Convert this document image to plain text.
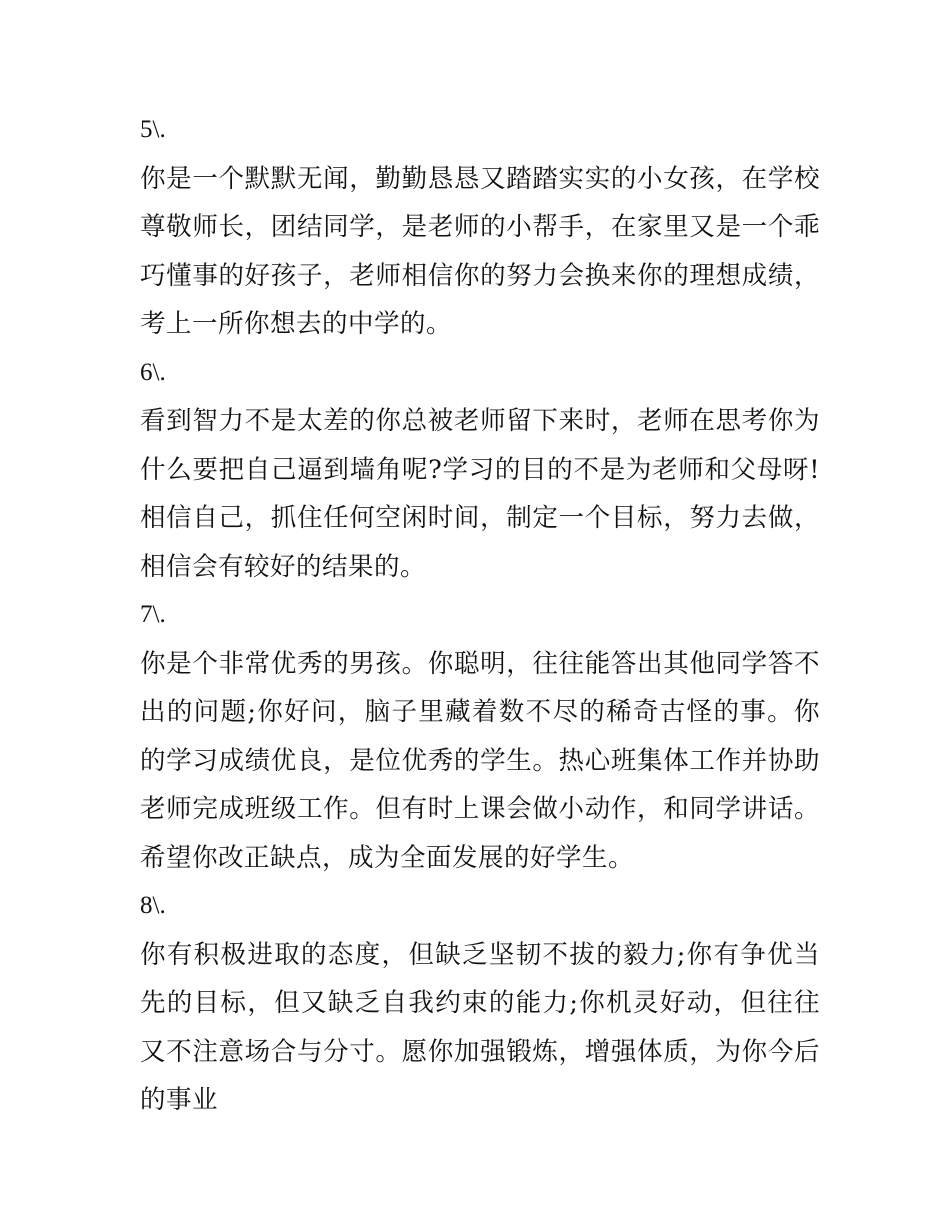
5\.

你是一个默默无闻，勤勤恳恳又踏踏实实的小女孩，在学校尊敬师长，团结同学，是老师的小帮手，在家里又是一个乖巧懂事的好孩子，老师相信你的努力会换来你的理想成绩，考上一所你想去的中学的。

6\.

看到智力不是太差的你总被老师留下来时，老师在思考你为什么要把自己逼到墙角呢?学习的目的不是为老师和父母呀!相信自己，抓住任何空闲时间，制定一个目标，努力去做，相信会有较好的结果的。

7\.

你是个非常优秀的男孩。你聪明，往往能答出其他同学答不出的问题;你好问，脑子里藏着数不尽的稀奇古怪的事。你的学习成绩优良，是位优秀的学生。热心班集体工作并协助老师完成班级工作。但有时上课会做小动作，和同学讲话。希望你改正缺点，成为全面发展的好学生。

8\.

你有积极进取的态度，但缺乏坚韧不拔的毅力;你有争优当先的目标，但又缺乏自我约束的能力;你机灵好动，但往往又不注意场合与分寸。愿你加强锻炼，增强体质，为你今后的事业
